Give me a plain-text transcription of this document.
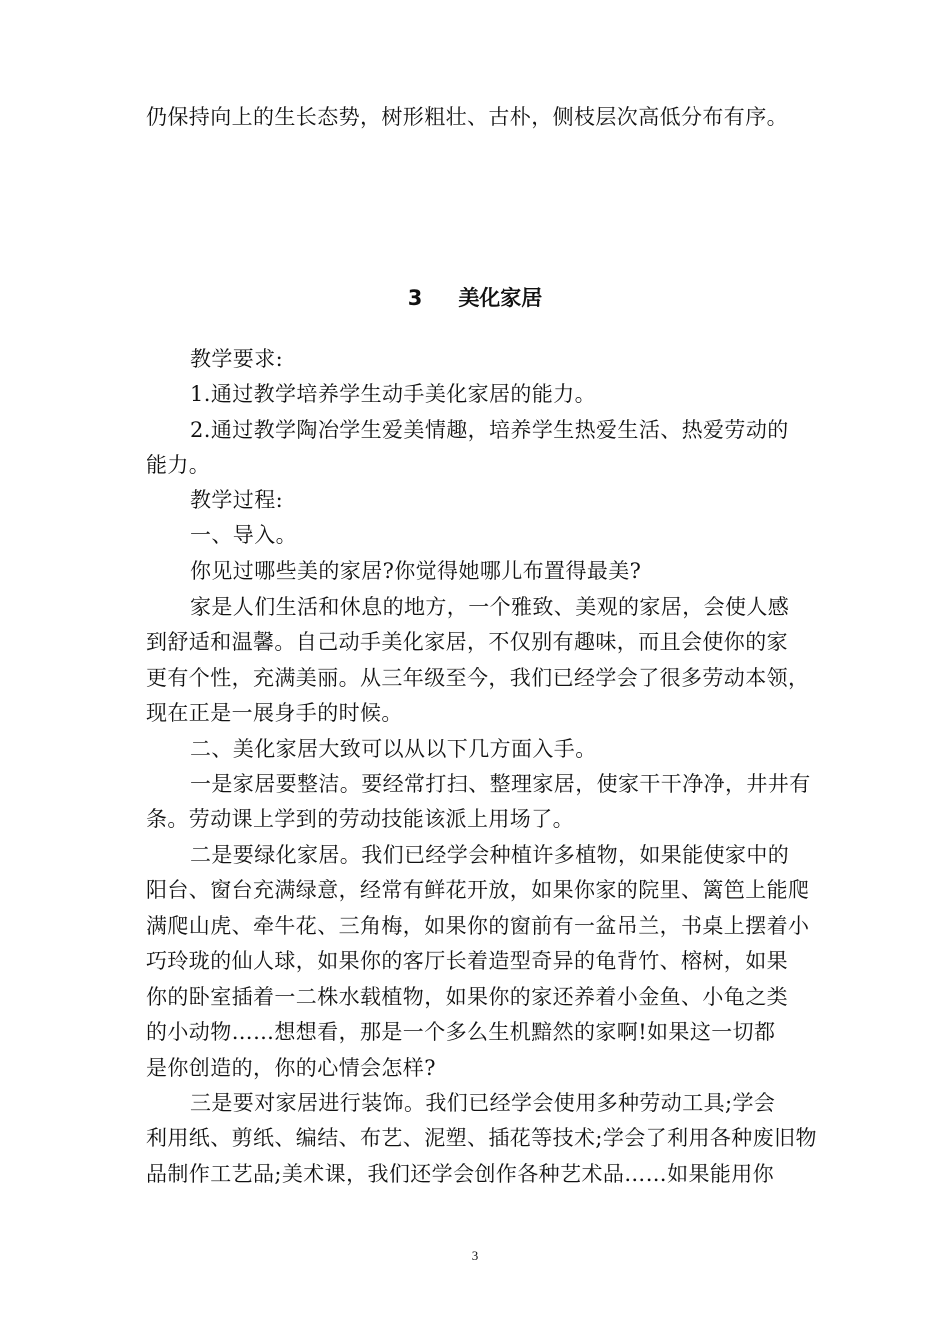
仍保持向上的生长态势，树形粗壮、古朴，侧枝层次高低分布有序。
3 美化家居
教学要求:
1.通过教学培养学生动手美化家居的能力。
2.通过教学陶冶学生爱美情趣，培养学生热爱生活、热爱劳动的
能力。
教学过程:
一、导入。
你见过哪些美的家居?你觉得她哪儿布置得最美?
家是人们生活和休息的地方，一个雅致、美观的家居，会使人感
到舒适和温馨。自己动手美化家居，不仅别有趣味，而且会使你的家
更有个性，充满美丽。从三年级至今，我们已经学会了很多劳动本领，
现在正是一展身手的时候。
二、美化家居大致可以从以下几方面入手。
一是家居要整洁。要经常打扫、整理家居，使家干干净净，井井有
条。劳动课上学到的劳动技能该派上用场了。
二是要绿化家居。我们已经学会种植许多植物，如果能使家中的
阳台、窗台充满绿意，经常有鲜花开放，如果你家的院里、篱笆上能爬
满爬山虎、牵牛花、三角梅，如果你的窗前有一盆吊兰，书桌上摆着小
巧玲珑的仙人球，如果你的客厅长着造型奇异的龟背竹、榕树，如果
你的卧室插着一二株水载植物，如果你的家还养着小金鱼、小龟之类
的小动物……想想看，那是一个多么生机黯然的家啊!如果这一切都
是你创造的，你的心情会怎样?
三是要对家居进行装饰。我们已经学会使用多种劳动工具;学会
利用纸、剪纸、编结、布艺、泥塑、插花等技术;学会了利用各种废旧物
品制作工艺品;美术课，我们还学会创作各种艺术品……如果能用你
3
